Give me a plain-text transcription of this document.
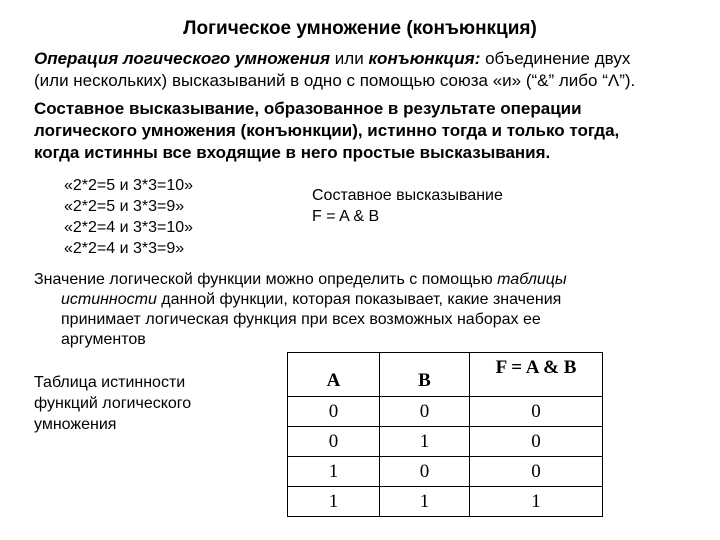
Логическое умножение (конъюнкция)
Операция логического умножения или конъюнкция: объединение двух
(или нескольких) высказываний в одно с помощью союза «и» (“&” либо “Λ”).
Составное высказывание, образованное в результате операции
логического умножения (конъюнкции), истинно тогда и только тогда,
когда истинны все входящие в него простые высказывания.
«2*2=5 и 3*3=10»
«2*2=5 и 3*3=9»
«2*2=4 и 3*3=10»
«2*2=4 и 3*3=9»
Составное высказывание
F = A & B
Значение логической функции можно определить с помощью таблицы
истинности данной функции, которая показывает, какие значения
принимает логическая функция при всех возможных наборах ее
аргументов
Таблица истинности
функций логического
умножения
A	B	F = A & B
0	0	0
0	1	0
1	0	0
1	1	1
